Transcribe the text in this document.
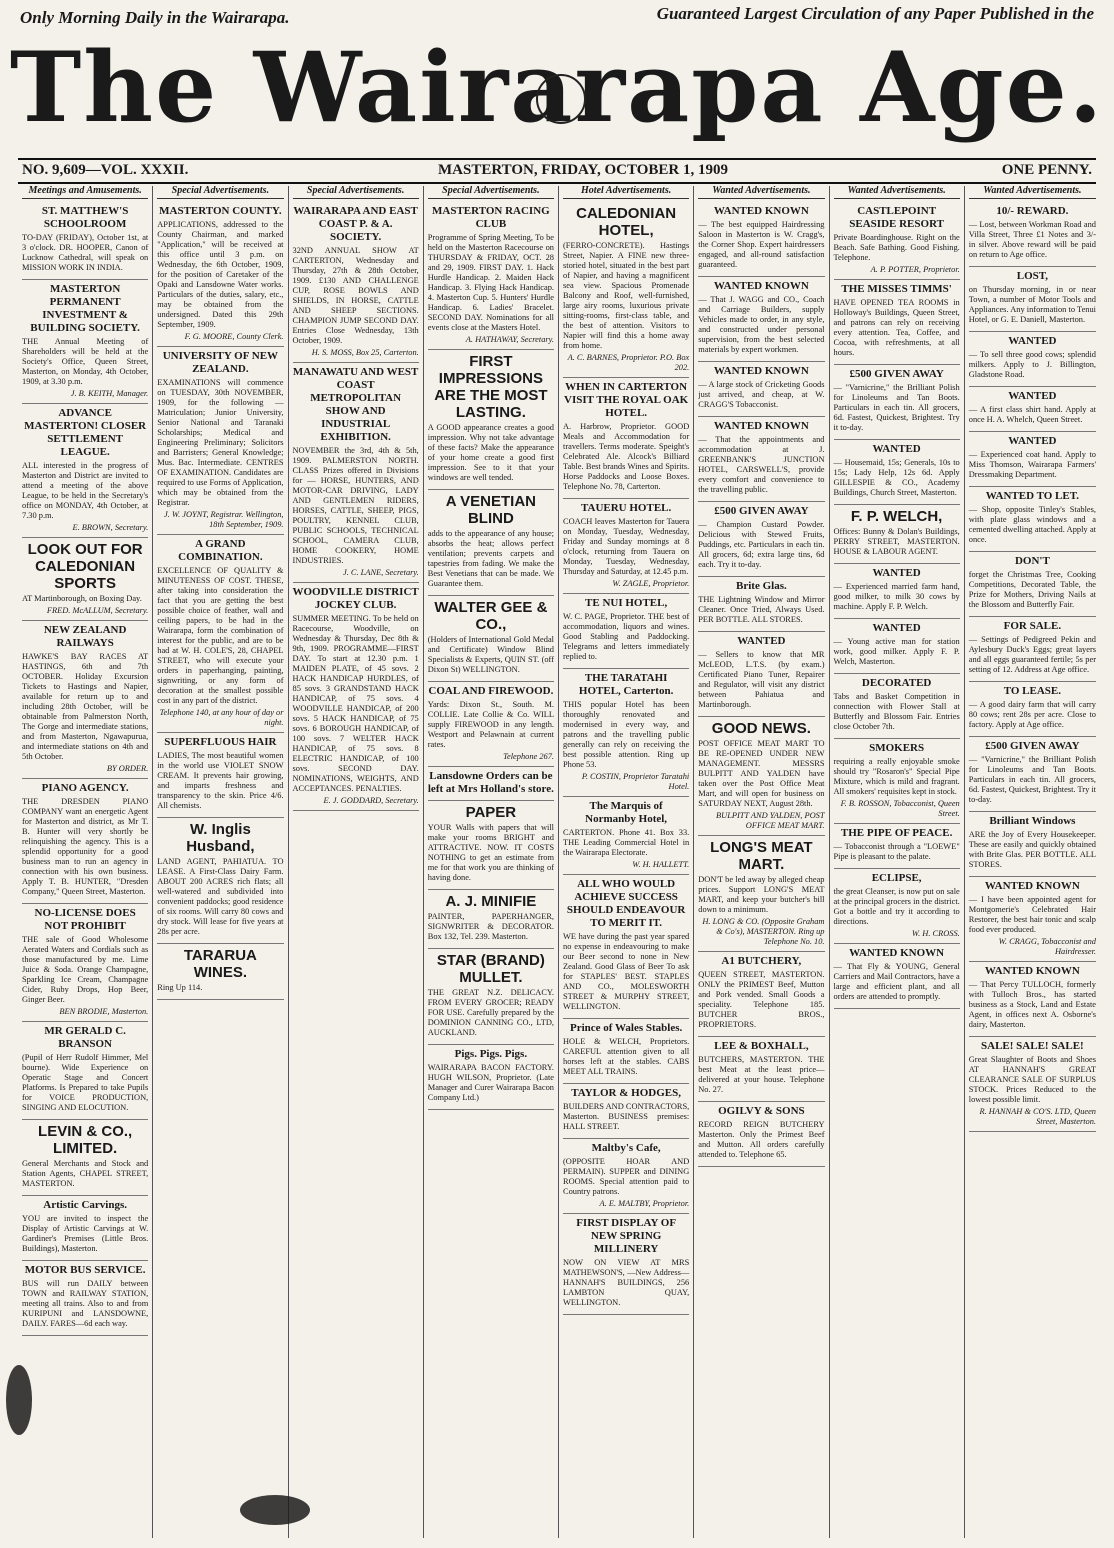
Only Morning Daily in the Wairarapa.	Guaranteed Largest Circulation of any Paper Published in the
The Wairarapa Age.
NO. 9,609—VOL. XXXII.	MASTERTON, FRIDAY, OCTOBER 1, 1909	ONE PENNY.
Meetings and Amusements.
ST. MATTHEW'S SCHOOLROOM
TO-DAY (FRIDAY), October 1st, at 3 o'clock. DR. HOOPER, Canon of Lucknow Cathedral, will speak on MISSION WORK IN INDIA.
MASTERTON PERMANENT INVESTMENT & BUILDING SOCIETY.
THE Annual Meeting of Shareholders will be held at the Society's Office, Queen Street, Masterton, on Monday, 4th October, 1909, at 3.30 p.m.
J. B. KEITH, Manager.
ADVANCE MASTERTON! CLOSER SETTLEMENT LEAGUE.
ALL interested in the progress of Masterton and District are invited to attend a meeting of the above League, to be held in the Secretary's office on MONDAY, 4th October, at 7.30 p.m.
E. BROWN, Secretary.
LOOK OUT FOR CALEDONIAN SPORTS
AT Martinborough, on Boxing Day.
FRED. McALLUM, Secretary.
NEW ZEALAND RAILWAYS
HAWKE'S BAY RACES AT HASTINGS, 6th and 7th OCTOBER. Holiday Excursion Tickets to Hastings and Napier, available for return up to and including 28th October, will be obtainable from Palmerston North, The Gorge and intermediate stations, and from Masterton, Ngawapurua, and intermediate stations on 4th and 5th October.
BY ORDER.
PIANO AGENCY.
THE DRESDEN PIANO COMPANY want an energetic Agent for Masterton and district, as Mr T. B. Hunter will very shortly be relinquishing the agency. This is a splendid opportunity for a good business man to run an agency in connection with his own business. Apply T. B. HUNTER, "Dresden Company," Queen Street, Masterton.
NO-LICENSE DOES NOT PROHIBIT
THE sale of Good Wholesome Aerated Waters and Cordials such as those manufactured by me. Lime Juice & Soda. Orange Champagne, Sparkling Ice Cream, Champagne Cider, Ruby Drops, Hop Beer, Ginger Beer.
BEN BRODIE, Masterton.
MR GERALD C. BRANSON
(Pupil of Herr Rudolf Himmer, Mel bourne). Wide Experience on Operatic Stage and Concert Platforms. Is Prepared to take Pupils for VOICE PRODUCTION, SINGING AND ELOCUTION.
LEVIN & CO., LIMITED.
General Merchants and Stock and Station Agents, CHAPEL STREET, MASTERTON.
Artistic Carvings.
YOU are invited to inspect the Display of Artistic Carvings at W. Gardiner's Premises (Little Bros. Buildings), Masterton.
MOTOR BUS SERVICE.
BUS will run DAILY between TOWN and RAILWAY STATION, meeting all trains. Also to and from KURIPUNI and LANSDOWNE, DAILY. FARES—6d each way.
Special Advertisements.
MASTERTON COUNTY.
APPLICATIONS, addressed to the County Chairman, and marked "Application," will be received at this office until 3 p.m. on Wednesday, the 6th October, 1909, for the position of Caretaker of the Opaki and Lansdowne Water works. Particulars of the duties, salary, etc., may be obtained from the undersigned. Dated this 29th September, 1909.
F. G. MOORE, County Clerk.
UNIVERSITY OF NEW ZEALAND.
EXAMINATIONS will commence on TUESDAY, 30th NOVEMBER, 1909, for the following — Matriculation; Junior University, Senior National and Taranaki Scholarships; Medical and Engineering Preliminary; Solicitors and Barristers; General Knowledge; Mus. Bac. Intermediate. CENTRES OF EXAMINATION. Candidates are required to use Forms of Application, which may be obtained from the Registrar.
J. W. JOYNT, Registrar. Wellington, 18th September, 1909.
A GRAND COMBINATION.
EXCELLENCE OF QUALITY & MINUTENESS OF COST. THESE, after taking into consideration the fact that you are getting the best possible choice of feather, wall and ceiling papers, to be had in the Wairarapa, form the combination of interest for the public, and are to be had at W. H. COLE'S, 28, CHAPEL STREET, who will execute your orders in paperhanging, painting, signwriting, or any form of decoration at the smallest possible cost in any part of the district.
Telephone 140, at any hour of day or night.
SUPERFLUOUS HAIR
LADIES, The most beautiful women in the world use VIOLET SNOW CREAM. It prevents hair growing, and imparts freshness and transparency to the skin. Price 4/6. All chemists.
W. Inglis Husband,
LAND AGENT, PAHIATUA. TO LEASE. A First-Class Dairy Farm. ABOUT 200 ACRES rich flats; all well-watered and subdivided into convenient paddocks; good residence of six rooms. Will carry 80 cows and dry stock. Will lease for five years at 28s per acre.
TARARUA WINES.
Ring Up 114.
Special Advertisements.
WAIRARAPA AND EAST COAST P. & A. SOCIETY.
32ND ANNUAL SHOW AT CARTERTON, Wednesday and Thursday, 27th & 28th October, 1909. £130 AND CHALLENGE CUP, ROSE BOWLS AND SHIELDS, IN HORSE, CATTLE AND SHEEP SECTIONS. CHAMPION JUMP SECOND DAY. Entries Close Wednesday, 13th October, 1909.
H. S. MOSS, Box 25, Carterton.
MANAWATU AND WEST COAST METROPOLITAN SHOW AND INDUSTRIAL EXHIBITION.
NOVEMBER the 3rd, 4th & 5th, 1909. PALMERSTON NORTH. CLASS Prizes offered in Divisions for — HORSE, HUNTERS, AND MOTOR-CAR DRIVING, LADY AND GENTLEMEN RIDERS, HORSES, CATTLE, SHEEP, PIGS, POULTRY, KENNEL CLUB, PUBLIC SCHOOLS, TECHNICAL SCHOOL, CAMERA CLUB, HOME COOKERY, HOME INDUSTRIES.
J. C. LANE, Secretary.
WOODVILLE DISTRICT JOCKEY CLUB.
SUMMER MEETING. To be held on Racecourse, Woodville, on Wednesday & Thursday, Dec 8th & 9th, 1909. PROGRAMME—FIRST DAY. To start at 12.30 p.m. 1 MAIDEN PLATE, of 45 sovs. 2 HACK HANDICAP HURDLES, of 85 sovs. 3 GRANDSTAND HACK HANDICAP, of 75 sovs. 4 WOODVILLE HANDICAP, of 200 sovs. 5 HACK HANDICAP, of 75 sovs. 6 BOROUGH HANDICAP, of 100 sovs. 7 WELTER HACK HANDICAP, of 75 sovs. 8 ELECTRIC HANDICAP, of 100 sovs. SECOND DAY. NOMINATIONS, WEIGHTS, AND ACCEPTANCES. PENALTIES.
E. J. GODDARD, Secretary.
Special Advertisements.
MASTERTON RACING CLUB
Programme of Spring Meeting, To be held on the Masterton Racecourse on THURSDAY & FRIDAY, OCT. 28 and 29, 1909. FIRST DAY. 1. Hack Hurdle Handicap. 2. Maiden Hack Handicap. 3. Flying Hack Handicap. 4. Masterton Cup. 5. Hunters' Hurdle Handicap. 6. Ladies' Bracelet. SECOND DAY. Nominations for all events close at the Masters Hotel.
A. HATHAWAY, Secretary.
FIRST IMPRESSIONS ARE THE MOST LASTING.
A GOOD appearance creates a good impression. Why not take advantage of these facts? Make the appearance of your home create a good first impression. See to it that your windows are well tended.
A VENETIAN BLIND
adds to the appearance of any house; absorbs the heat; allows perfect ventilation; prevents carpets and tapestries from fading. We make the Best Venetians that can be made. We Guarantee them.
WALTER GEE & CO.,
(Holders of International Gold Medal and Certificate) Window Blind Specialists & Experts, QUIN ST. (off Dixon St) WELLINGTON.
COAL AND FIREWOOD.
Yards: Dixon St., South. M. COLLIE. Late Collie & Co. WILL supply FIREWOOD in any length. Westport and Pelawnain at current rates.
Telephone 267.
Lansdowne Orders can be left at Mrs Holland's store.
PAPER
YOUR Walls with papers that will make your rooms BRIGHT and ATTRACTIVE. NOW. IT COSTS NOTHING to get an estimate from me for that work you are thinking of having done.
A. J. MINIFIE
PAINTER, PAPERHANGER, SIGNWRITER & DECORATOR. Box 132, Tel. 239. Masterton.
STAR (BRAND) MULLET.
THE GREAT N.Z. DELICACY. FROM EVERY GROCER; READY FOR USE. Carefully prepared by the DOMINION CANNING CO., LTD, AUCKLAND.
Pigs. Pigs. Pigs.
WAIRARAPA BACON FACTORY. HUGH WILSON, Proprietor. (Late Manager and Curer Wairarapa Bacon Company Ltd.)
Hotel Advertisements.
CALEDONIAN HOTEL,
(FERRO-CONCRETE). Hastings Street, Napier. A FINE new three-storied hotel, situated in the best part of Napier, and having a magnificent sea view. Spacious Promenade Balcony and Roof, well-furnished, large airy rooms, luxurious private sitting-rooms, first-class table, and the best of attention. Visitors to Napier will find this a home away from home.
A. C. BARNES, Proprietor. P.O. Box 202.
WHEN IN CARTERTON VISIT THE ROYAL OAK HOTEL.
A. Harbrow, Proprietor. GOOD Meals and Accommodation for travellers. Terms moderate. Speight's Celebrated Ale. Alcock's Billiard Table. Best brands Wines and Spirits. Horse Paddocks and Loose Boxes. Telephone No. 78, Carterton.
TAUERU HOTEL.
COACH leaves Masterton for Tauera on Monday, Tuesday, Wednesday, Friday and Sunday mornings at 8 o'clock, returning from Tauera on Monday, Tuesday, Wednesday, Thursday and Saturday, at 12.45 p.m.
W. ZAGLE, Proprietor.
TE NUI HOTEL,
W. C. PAGE, Proprietor. THE best of accommodation, liquors and wines. Good Stabling and Paddocking. Telegrams and letters immediately replied to.
THE TARATAHI HOTEL, Carterton.
THIS popular Hotel has been thoroughly renovated and modernised in every way, and patrons and the travelling public generally can rely on receiving the best possible attention. Ring up Phone 53.
P. COSTIN, Proprietor Taratahi Hotel.
The Marquis of Normanby Hotel,
CARTERTON. Phone 41. Box 33. THE Leading Commercial Hotel in the Wairarapa Electorate.
W. H. HALLETT.
ALL WHO WOULD ACHIEVE SUCCESS SHOULD ENDEAVOUR TO MERIT IT.
WE have during the past year spared no expense in endeavouring to make our Beer second to none in New Zealand. Good Glass of Beer To ask for STAPLES' BEST. STAPLES AND CO., MOLESWORTH STREET & MURPHY STREET, WELLINGTON.
Prince of Wales Stables.
HOLE & WELCH, Proprietors. CAREFUL attention given to all horses left at the stables. CABS MEET ALL TRAINS.
TAYLOR & HODGES,
BUILDERS AND CONTRACTORS, Masterton. BUSINESS premises: HALL STREET.
Maltby's Cafe,
(OPPOSITE HOAR AND PERMAIN). SUPPER and DINING ROOMS. Special attention paid to Country patrons.
A. E. MALTBY, Proprietor.
FIRST DISPLAY OF NEW SPRING MILLINERY
NOW ON VIEW AT MRS MATHEWSON'S, —New Address— HANNAH'S BUILDINGS, 256 LAMBTON QUAY, WELLINGTON.
Wanted Advertisements.
WANTED KNOWN
— The best equipped Hairdressing Saloon in Masterton is W. Cragg's, the Corner Shop. Expert hairdressers engaged, and all-round satisfaction guaranteed.
WANTED KNOWN
— That J. WAGG and CO., Coach and Carriage Builders, supply Vehicles made to order, in any style, and constructed under personal supervision, from the best selected materials by expert workmen.
WANTED KNOWN
— A large stock of Cricketing Goods just arrived, and cheap, at W. CRAGG'S Tobacconist.
WANTED KNOWN
— That the appointments and accommodation at J. GREENBANK'S JUNCTION HOTEL, CARSWELL'S, provide every comfort and convenience to the travelling public.
£500 GIVEN AWAY
— Champion Custard Powder. Delicious with Stewed Fruits, Puddings, etc. Particulars in each tin. All grocers, 6d; extra large tins, 6d each. Try it to-day.
Brite Glas.
THE Lightning Window and Mirror Cleaner. Once Tried, Always Used. PER BOTTLE. ALL STORES.
WANTED
— Sellers to know that MR McLEOD, L.T.S. (by exam.) Certificated Piano Tuner, Repairer and Regulator, will visit any district between Pahiatua and Martinborough.
GOOD NEWS.
POST OFFICE MEAT MART TO BE RE-OPENED UNDER NEW MANAGEMENT. MESSRS BULPITT AND YALDEN have taken over the Post Office Meat Mart, and will open for business on SATURDAY NEXT, August 28th.
BULPITT AND YALDEN, POST OFFICE MEAT MART.
LONG'S MEAT MART.
DON'T be led away by alleged cheap prices. Support LONG'S MEAT MART, and keep your butcher's bill down to a minimum.
H. LONG & CO. (Opposite Graham & Co's), MASTERTON. Ring up Telephone No. 10.
A1 BUTCHERY,
QUEEN STREET, MASTERTON. ONLY the PRIMEST Beef, Mutton and Pork vended. Small Goods a speciality. Telephone 185. BUTCHER BROS., PROPRIETORS.
LEE & BOXHALL,
BUTCHERS, MASTERTON. THE best Meat at the least price—delivered at your house. Telephone No. 27.
OGILVY & SONS
RECORD REIGN BUTCHERY Masterton. Only the Primest Beef and Mutton. All orders carefully attended to. Telephone 65.
Wanted Advertisements.
CASTLEPOINT SEASIDE RESORT
Private Boardinghouse. Right on the Beach. Safe Bathing. Good Fishing. Telephone.
A. P. POTTER, Proprietor.
THE MISSES TIMMS'
HAVE OPENED TEA ROOMS in Holloway's Buildings, Queen Street, and patrons can rely on receiving every attention. Tea, Coffee, and Cocoa, with refreshments, at all hours.
£500 GIVEN AWAY
— "Varnicrine," the Brilliant Polish for Linoleums and Tan Boots. Particulars in each tin. All grocers, 6d. Fastest, Quickest, Brightest. Try it to-day.
WANTED
— Housemaid, 15s; Generals, 10s to 15s; Lady Help, 12s 6d. Apply GILLESPIE & CO., Academy Buildings, Church Street, Masterton.
F. P. WELCH,
Offices: Bunny & Dolan's Buildings, PERRY STREET, MASTERTON. HOUSE & LABOUR AGENT.
WANTED
— Experienced married farm hand, good milker, to milk 30 cows by machine. Apply F. P. Welch.
WANTED
— Young active man for station work, good milker. Apply F. P. Welch, Masterton.
DECORATED
Tabs and Basket Competition in connection with Flower Stall at Butterfly and Blossom Fair. Entries close October 7th.
SMOKERS
requiring a really enjoyable smoke should try "Rosaron's" Special Pipe Mixture, which is mild and fragrant. All smokers' requisites kept in stock.
F. B. ROSSON, Tobacconist, Queen Street.
THE PIPE OF PEACE.
— Tobacconist through a "LOEWE" Pipe is pleasant to the palate.
ECLIPSE,
the great Cleanser, is now put on sale at the principal grocers in the district. Got a bottle and try it according to directions.
W. H. CROSS.
WANTED KNOWN
— That Fly & YOUNG, General Carriers and Mail Contractors, have a large and efficient plant, and all orders are attended to promptly.
Wanted Advertisements.
10/- REWARD.
— Lost, between Workman Road and Villa Street, Three £1 Notes and 3/- in silver. Above reward will be paid on return to Age office.
LOST,
on Thursday morning, in or near Town, a number of Motor Tools and Appliances. Any information to Tenui Hotel, or G. E. Daniell, Masterton.
WANTED
— To sell three good cows; splendid milkers. Apply to J. Billington, Gladstone Road.
WANTED
— A first class shirt hand. Apply at once H. A. Whelch, Queen Street.
WANTED
— Experienced coat hand. Apply to Miss Thomson, Wairarapa Farmers' Dressmaking Department.
WANTED TO LET.
— Shop, opposite Tinley's Stables, with plate glass windows and a cemented dwelling attached. Apply at once.
DON'T
forget the Christmas Tree, Cooking Competitions, Decorated Table, the Prize for Mothers, Driving Nails at the Blossom and Butterfly Fair.
FOR SALE.
— Settings of Pedigreed Pekin and Aylesbury Duck's Eggs; great layers and all eggs guaranteed fertile; 5s per setting of 12. Address at Age office.
TO LEASE.
— A good dairy farm that will carry 80 cows; rent 28s per acre. Close to factory. Apply at Age office.
£500 GIVEN AWAY
— "Varnicrine," the Brilliant Polish for Linoleums and Tan Boots. Particulars in each tin. All grocers, 6d. Fastest, Quickest, Brightest. Try it to-day.
Brilliant Windows
ARE the Joy of Every Housekeeper. These are easily and quickly obtained with Brite Glas. PER BOTTLE. ALL STORES.
WANTED KNOWN
— I have been appointed agent for Montgomerie's Celebrated Hair Restorer, the best hair tonic and scalp food ever produced.
W. CRAGG, Tobacconist and Hairdresser.
WANTED KNOWN
— That Percy TULLOCH, formerly with Tulloch Bros., has started business as a Stock, Land and Estate Agent, in offices next A. Osborne's dairy, Masterton.
SALE! SALE! SALE!
Great Slaughter of Boots and Shoes AT HANNAH'S GREAT CLEARANCE SALE OF SURPLUS STOCK. Prices Reduced to the lowest possible limit.
R. HANNAH & CO'S. LTD, Queen Street, Masterton.
